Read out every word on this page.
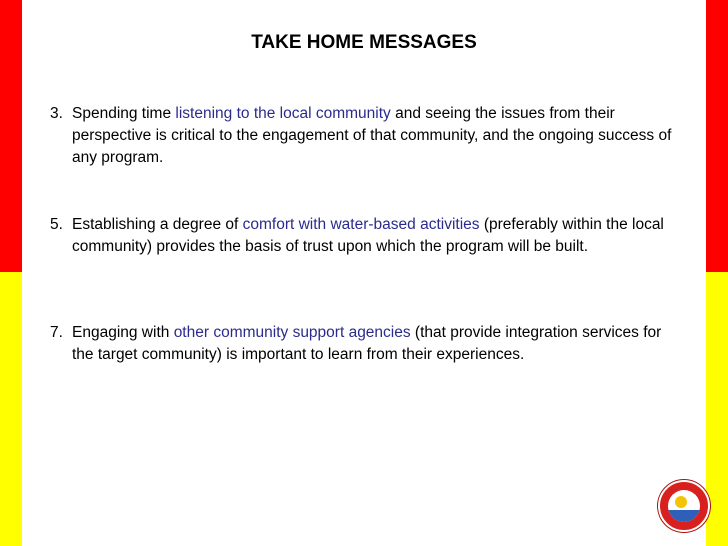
TAKE HOME MESSAGES
3. Spending time listening to the local community and seeing the issues from their perspective is critical to the engagement of that community, and the ongoing success of any program.
5. Establishing a degree of comfort with water-based activities (preferably within the local community) provides the basis of trust upon which the program will be built.
7. Engaging with other community support agencies (that provide integration services for the target community) is important to learn from their experiences.
